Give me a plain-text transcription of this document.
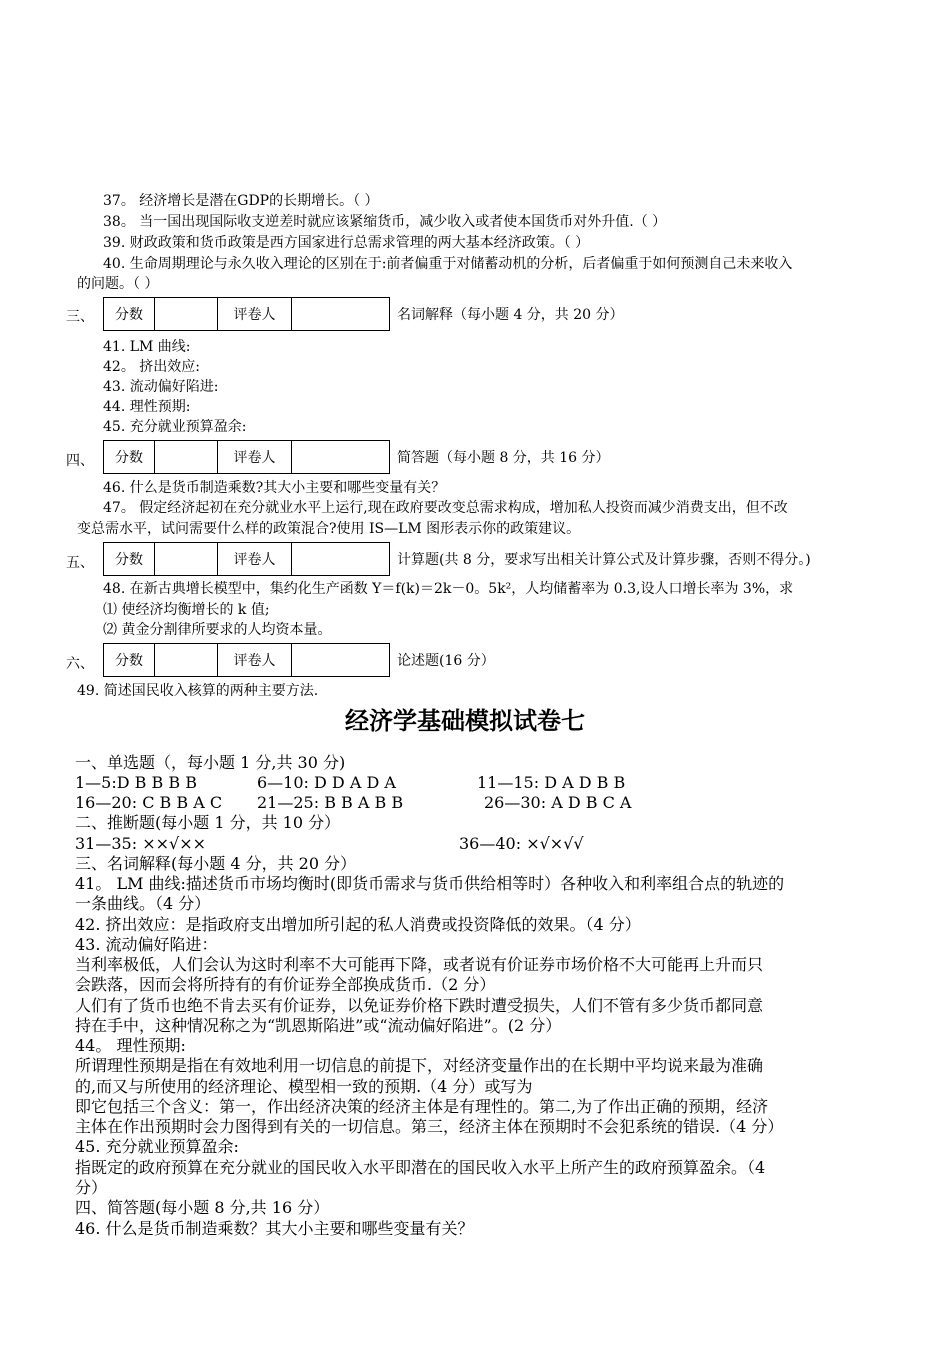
37。 经济增长是潜在GDP的长期增长。（ ）
38。 当一国出现国际收支逆差时就应该紧缩货币，减少收入或者使本国货币对外升值.（ ）
39. 财政政策和货币政策是西方国家进行总需求管理的两大基本经济政策。（ ）
40. 生命周期理论与永久收入理论的区别在于:前者偏重于对储蓄动机的分析，后者偏重于如何预测自己未来收入
的问题。（ ）
三、 分数		评卷人		名词解释（每小题 4 分，共 20 分）
41. LM 曲线:
42。 挤出效应:
43. 流动偏好陷进:
44. 理性预期:
45. 充分就业预算盈余:
四、 分数		评卷人		简答题（每小题 8 分，共 16 分）
46. 什么是货币制造乘数?其大小主要和哪些变量有关？
47。 假定经济起初在充分就业水平上运行,现在政府要改变总需求构成，增加私人投资而减少消费支出，但不改
变总需水平，试问需要什么样的政策混合?使用 IS—LM 图形表示你的政策建议。
五、 分数		评卷人		计算题(共 8 分，要求写出相关计算公式及计算步骤，否则不得分。)
48. 在新古典增长模型中，集约化生产函数 Y＝f(k)＝2k－0。5k²，人均储蓄率为 0.3,设人口增长率为 3%，求
⑴ 使经济均衡增长的 k 值;
⑵ 黄金分割律所要求的人均资本量。
六、 分数		评卷人		论述题(16 分）
49. 简述国民收入核算的两种主要方法.
经济学基础模拟试卷七
一、单选题（，每小题 1 分,共 30 分)
1—5:D B B B B	6—10: D D A D A	11—15: D A D B B
16—20: C B B A C 21—25: B B A B B	26—30: A D B C A
二、推断题(每小题 1 分，共 10 分）
31—35: ××√××	36—40: ×√×√√
三、名词解释(每小题 4 分，共 20 分）
41。 LM 曲线:描述货币市场均衡时(即货币需求与货币供给相等时）各种收入和利率组合点的轨迹的
一条曲线。（4 分）
42. 挤出效应：是指政府支出增加所引起的私人消费或投资降低的效果。（4 分）
43. 流动偏好陷进：
当利率极低，人们会认为这时利率不大可能再下降，或者说有价证券市场价格不大可能再上升而只
会跌落，因而会将所持有的有价证券全部换成货币.（2 分）
人们有了货币也绝不肯去买有价证券，以免证券价格下跌时遭受损失，人们不管有多少货币都同意
持在手中，这种情况称之为“凯恩斯陷进”或“流动偏好陷进”。(2 分）
44。 理性预期:
所谓理性预期是指在有效地利用一切信息的前提下，对经济变量作出的在长期中平均说来最为准确
的,而又与所使用的经济理论、模型相一致的预期.（4 分）或写为
即它包括三个含义：第一，作出经济决策的经济主体是有理性的。第二,为了作出正确的预期，经济
主体在作出预期时会力图得到有关的一切信息。第三，经济主体在预期时不会犯系统的错误.（4 分）
45. 充分就业预算盈余:
指既定的政府预算在充分就业的国民收入水平即潜在的国民收入水平上所产生的政府预算盈余。（4
分）
四、简答题(每小题 8 分,共 16 分）
46. 什么是货币制造乘数？其大小主要和哪些变量有关？
